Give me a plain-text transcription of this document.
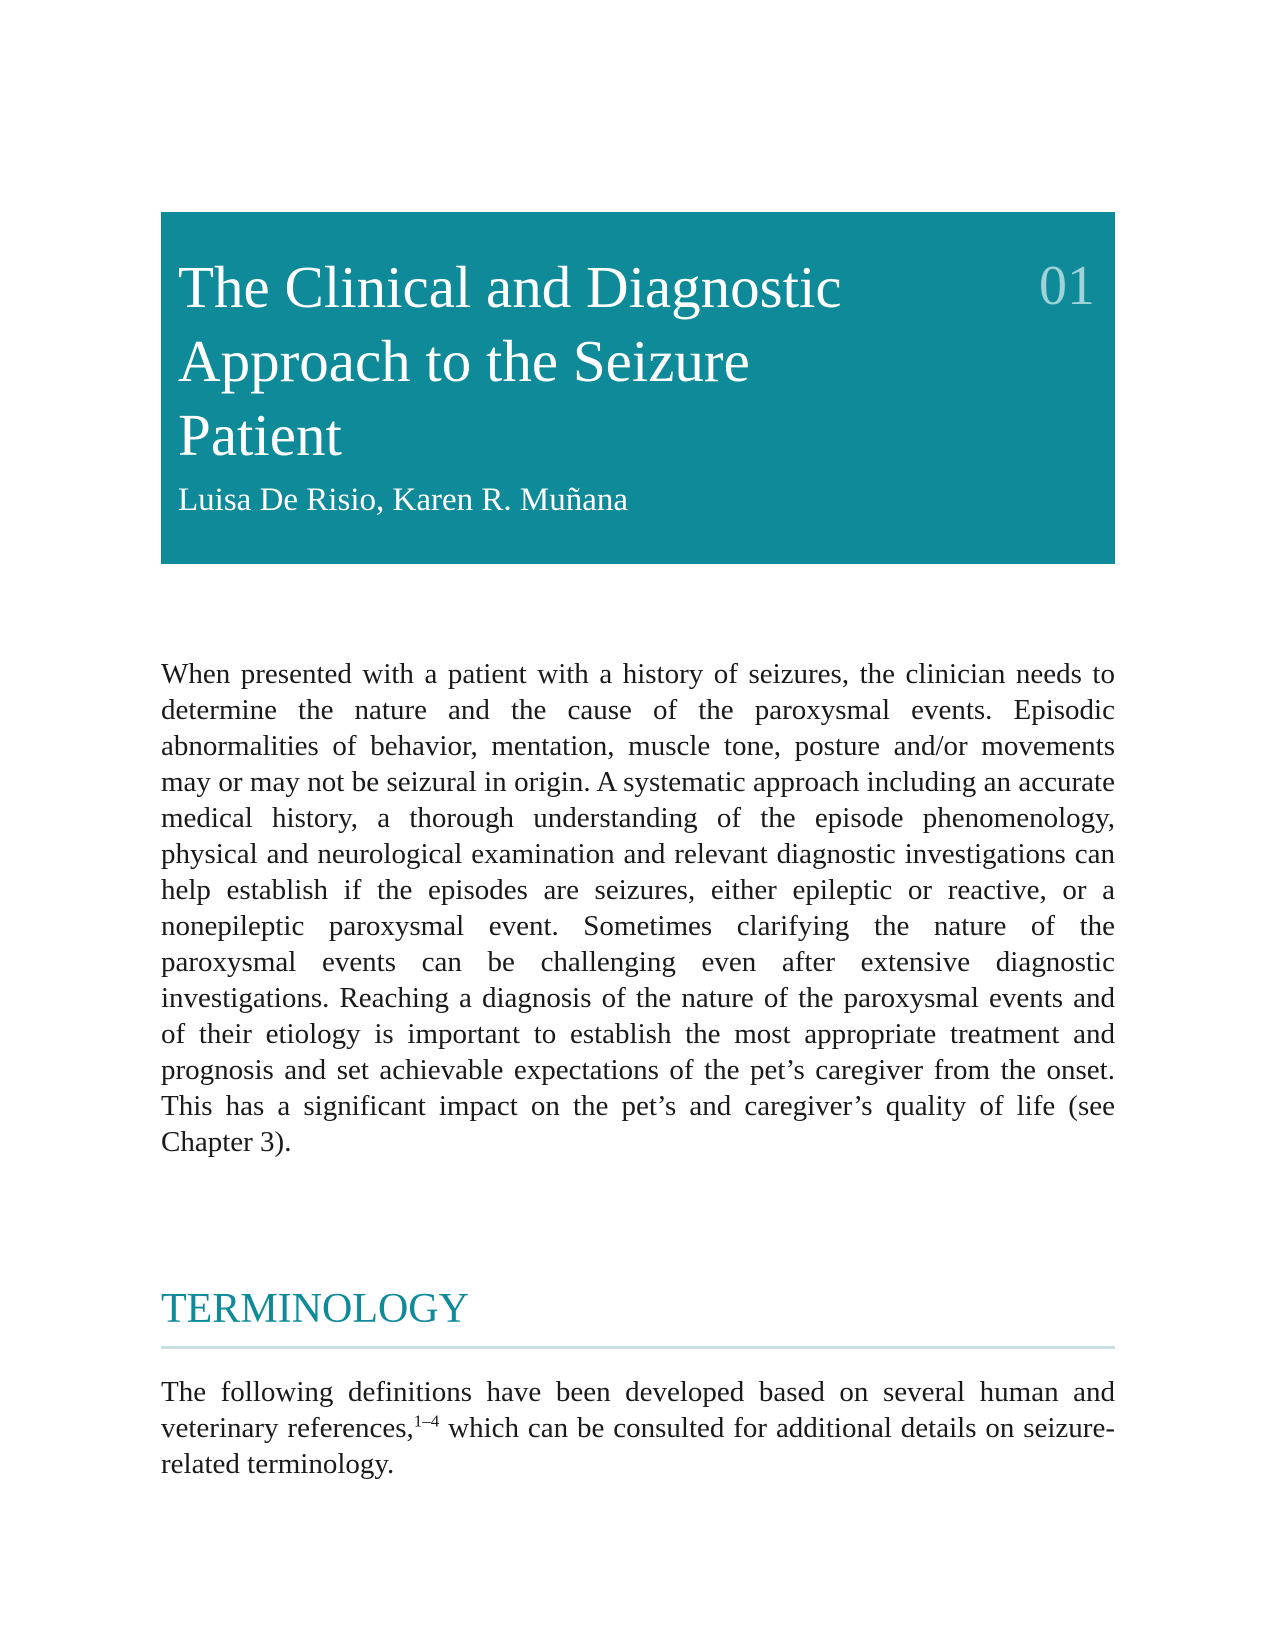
The Clinical and Diagnostic Approach to the Seizure Patient
01
Luisa De Risio, Karen R. Muñana

When presented with a patient with a history of seizures, the clinician needs to determine the nature and the cause of the paroxysmal events. Episodic abnormalities of behavior, mentation, muscle tone, posture and/or movements may or may not be seizural in origin. A systematic approach including an accurate medical history, a thorough understanding of the episode phenomenology, physical and neurological examination and relevant diagnostic investigations can help establish if the episodes are seizures, either epileptic or reactive, or a nonepileptic paroxysmal event. Sometimes clarifying the nature of the paroxysmal events can be challenging even after extensive diagnostic investigations. Reaching a diagnosis of the nature of the paroxysmal events and of their etiology is important to establish the most appropriate treatment and prognosis and set achievable expectations of the pet’s caregiver from the onset. This has a significant impact on the pet’s and caregiver’s quality of life (see Chapter 3).

TERMINOLOGY

The following definitions have been developed based on several human and veterinary references,$^{1-4}$ which can be consulted for additional details on seizure-related terminology.
